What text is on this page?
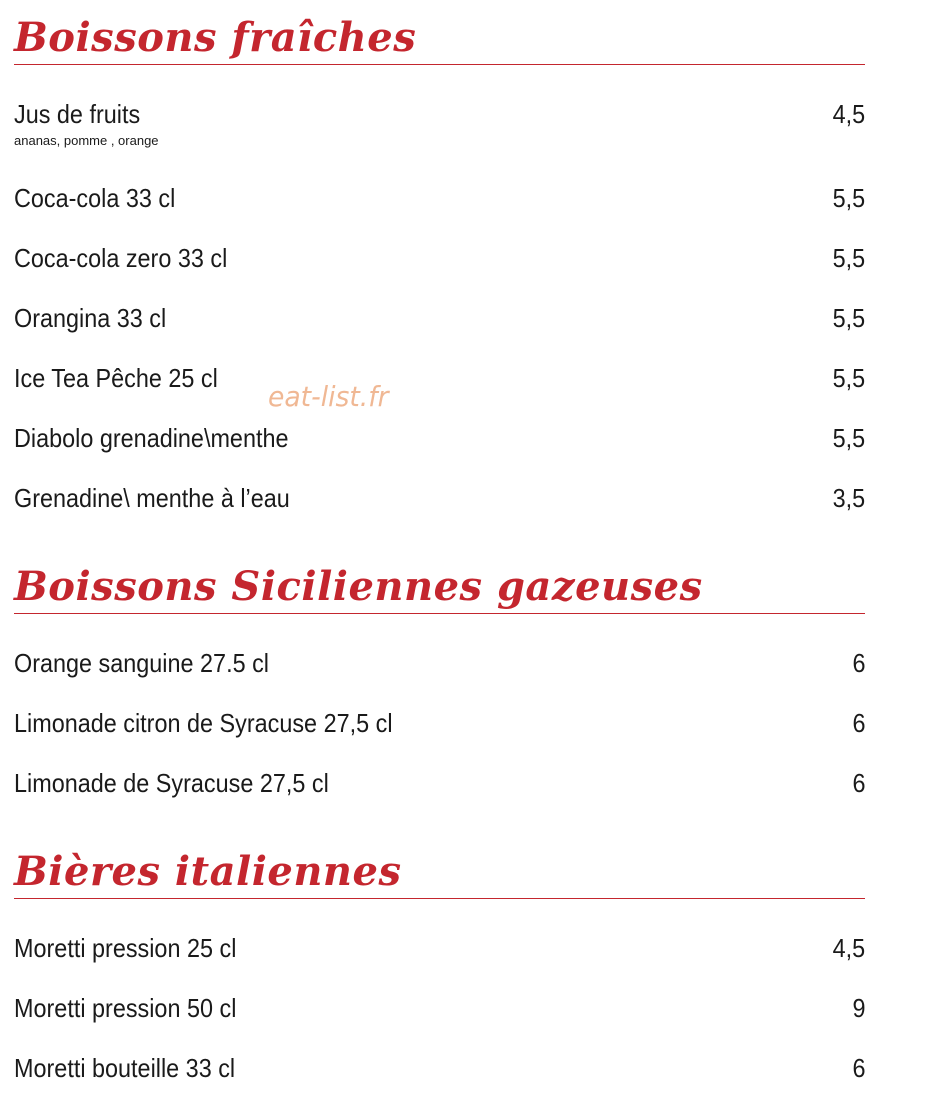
Boissons fraîches
Jus de fruits	4,5
ananas, pomme , orange
Coca-cola 33 cl	5,5
Coca-cola zero 33 cl	5,5
Orangina 33 cl	5,5
Ice Tea Pêche 25 cl	5,5
Diabolo grenadine\menthe	5,5
Grenadine\ menthe à l’eau	3,5
Boissons Siciliennes gazeuses
Orange sanguine 27.5 cl	6
Limonade citron de Syracuse 27,5 cl	6
Limonade de Syracuse 27,5 cl	6
Bières italiennes
Moretti pression 25 cl	4,5
Moretti pression 50 cl	9
Moretti bouteille 33 cl	6
eat-list.fr
